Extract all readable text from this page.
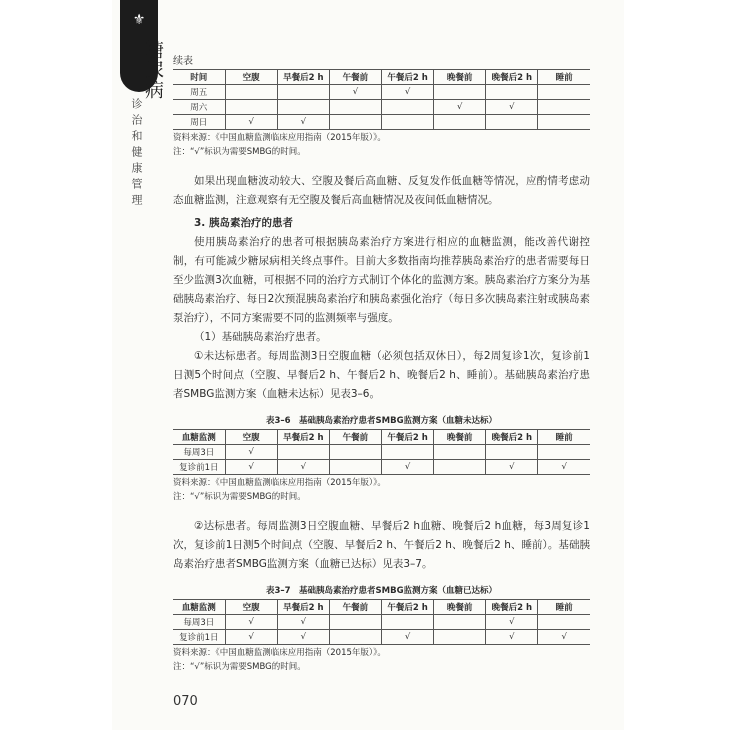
⚜
糖尿病
诊治和健康管理
续表
时间	空腹	早餐后2 h	午餐前	午餐后2 h	晚餐前	晚餐后2 h	睡前
周五			√	√			
周六					√	√	
周日	√	√					
资料来源：《中国血糖监测临床应用指南（2015年版）》。
注：“√”标识为需要SMBG的时间。

如果出现血糖波动较大、空腹及餐后高血糖、反复发作低血糖等情况，应酌情考虑动态血糖监测，注意观察有无空腹及餐后高血糖情况及夜间低血糖情况。

3. 胰岛素治疗的患者

使用胰岛素治疗的患者可根据胰岛素治疗方案进行相应的血糖监测，能改善代谢控制，有可能减少糖尿病相关终点事件。目前大多数指南均推荐胰岛素治疗的患者需要每日至少监测3次血糖，可根据不同的治疗方式制订个体化的监测方案。胰岛素治疗方案分为基础胰岛素治疗、每日2次预混胰岛素治疗和胰岛素强化治疗（每日多次胰岛素注射或胰岛素泵治疗），不同方案需要不同的监测频率与强度。

（1）基础胰岛素治疗患者。

①未达标患者。每周监测3日空腹血糖（必须包括双休日），每2周复诊1次，复诊前1日测5个时间点（空腹、早餐后2 h、午餐后2 h、晚餐后2 h、睡前）。基础胰岛素治疗患者SMBG监测方案（血糖未达标）见表3–6。

表3–6　基础胰岛素治疗患者SMBG监测方案（血糖未达标）
血糖监测	空腹	早餐后2 h	午餐前	午餐后2 h	晚餐前	晚餐后2 h	睡前
每周3日	√						
复诊前1日	√	√		√		√	√
资料来源：《中国血糖监测临床应用指南（2015年版）》。
注：“√”标识为需要SMBG的时间。

②达标患者。每周监测3日空腹血糖、早餐后2 h血糖、晚餐后2 h血糖，每3周复诊1次，复诊前1日测5个时间点（空腹、早餐后2 h、午餐后2 h、晚餐后2 h、睡前）。基础胰岛素治疗患者SMBG监测方案（血糖已达标）见表3–7。

表3–7　基础胰岛素治疗患者SMBG监测方案（血糖已达标）
血糖监测	空腹	早餐后2 h	午餐前	午餐后2 h	晚餐前	晚餐后2 h	睡前
每周3日	√	√				√	
复诊前1日	√	√		√		√	√
资料来源：《中国血糖监测临床应用指南（2015年版）》。
注：“√”标识为需要SMBG的时间。
070
